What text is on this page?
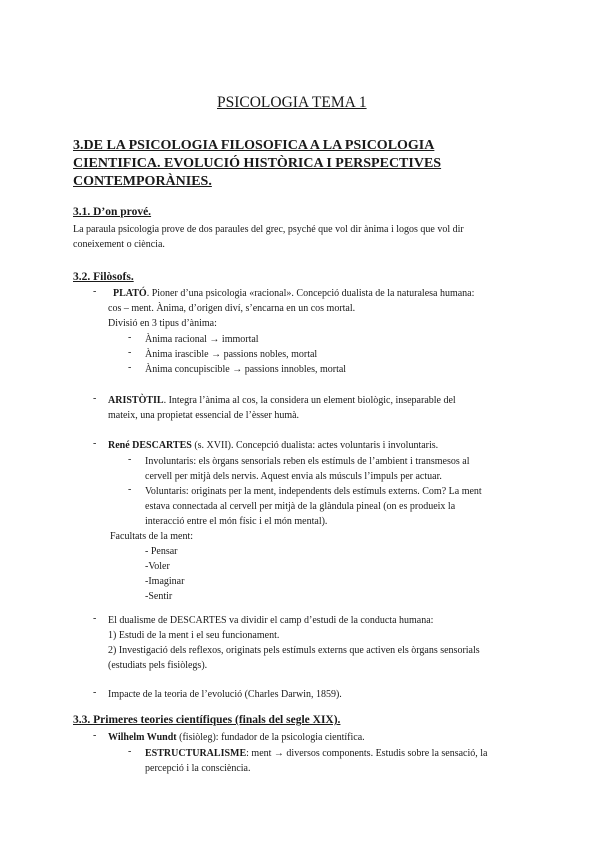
PSICOLOGIA TEMA 1
3.DE LA PSICOLOGIA FILOSOFICA A LA PSICOLOGIA
CIENTIFICA. EVOLUCIÓ HISTÒRICA I PERSPECTIVES
CONTEMPORÀNIES.
3.1. D’on prové.
La paraula psicologia prove de dos paraules del grec, psyché que vol dir ànima i logos que vol dir
coneixement o ciència.
3.2. Filòsofs.
- PLATÓ. Pioner d’una psicologia «racional». Concepció dualista de la naturalesa humana:
cos – ment. Ànima, d’origen diví, s’encarna en un cos mortal.
Divisió en 3 tipus d’ànima:
- Ànima racional → immortal
- Ànima irascible → passions nobles, mortal
- Ànima concupiscible → passions innobles, mortal
- ARISTÒTIL. Integra l’ànima al cos, la considera un element biològic, inseparable del
mateix, una propietat essencial de l’èsser humà.
- René DESCARTES (s. XVII). Concepció dualista: actes voluntaris i involuntaris.
- Involuntaris: els òrgans sensorials reben els estímuls de l’ambient i transmesos al
cervell per mitjà dels nervis. Aquest envia als músculs l’impuls per actuar.
- Voluntaris: originats per la ment, independents dels estímuls externs. Com? La ment
estava connectada al cervell per mitjà de la glàndula pineal (on es produeix la
interacció entre el món físic i el món mental).
Facultats de la ment:
- Pensar
-Voler
-Imaginar
-Sentir
- El dualisme de DESCARTES va dividir el camp d’estudi de la conducta humana:
1) Estudi de la ment i el seu funcionament.
2) Investigació dels reflexos, originats pels estímuls externs que activen els òrgans sensorials
(estudiats pels fisiòlegs).
- Impacte de la teoria de l’evolució (Charles Darwin, 1859).
3.3. Primeres teories científiques (finals del segle XIX).
- Wilhelm Wundt (fisiòleg): fundador de la psicologia científica.
- ESTRUCTURALISME: ment → diversos components. Estudis sobre la sensació, la
percepció i la consciència.
